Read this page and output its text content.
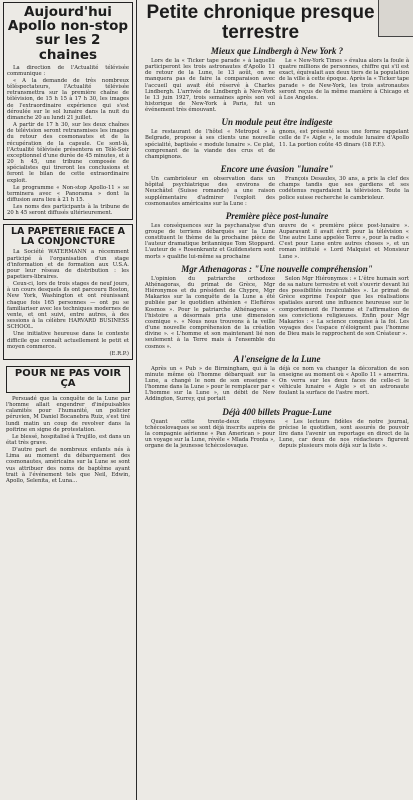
Aujourd'hui Apollo non-stop sur les 2 chaines

La direction de l'Actualité télévisée communique :

« A la demande de très nombreux téléspectateurs, l'Actualité télévisée retransmettra sur la première chaîne de télévision, de 15 h 15 à 17 h 30, les images de l'extraordinaire expérience qui s'est déroulée sur le sol lunaire dans la nuit du dimanche 20 au lundi 21 juillet.

A partir de 17 h 30, sur les deux chaînes de télévision seront retransmises les images du retour des cosmonautes et de la récupération de la capsule. Ce sont-là, l'Actualité télévisée présentera en Télé-Soir exceptionnel d'une durée de 45 minutes, et à 20 h 45, une tribune composée de spécialistes qui tireront les conclusions et feront le bilan de cette extraordinaire exploit.

Le programme « Non-stop Apollo-11 » se terminera avec « Panorama » dont la diffusion aura lieu à 21 h 15.

Les noms des participants à la tribune de 20 h 45 seront diffusés ultérieurement.

LA PAPETERIE FACE A LA CONJONCTURE

La Société WATERMANN a récemment participé à l'organisation d'un stage d'information et de formation aux U.S.A. pour leur réseau de distribution : les papetiers-libraires.

Ceux-ci, lors de trois stages de neuf jours, à un cours desquels ils ont parcouru Boston, New York, Washington et ont réunissant chaque fois 165 personnes — ont pu se familiariser avec les techniques modernes de vente, et ont suivi, entre autres, à des sessions à la célèbre HARVARD BUSINESS SCHOOL.

Une initiative heureuse dans le contexte difficile que connaît actuellement le petit et moyen commerce.

(E.R.P.)
POUR NE PAS VOIR ÇA

Persuadé que la conquête de la Lune par l'homme allait engendrer d'inépuisables calamités pour l'humanité, un policier péruvien, M Daniel Bocanebra Ruiz, s'est tiré lundi matin un coup de revolver dans la poitrine en signe de protestation.

Le blessé, hospitalisé à Trujillo, est dans un état très grave.

D'autre part de nombreux enfants nés à Lima au moment du débarquement des cosmonautes, américains sur la Lune se sont vus attribuer des noms de baptême ayant trait à l'événement tels que Neil, Edwin, Apollo, Selenita, et Luna...

Petite chronique presque terrestre
Mieux que Lindbergh à New York ?

Lors de la « Ticker tape parade » à laquelle participeront les trois astronautes d'Apollo 11 de retour de la Lune, le 13 août, on ne manquera pas de faire la comparaison avec l'accueil qui avait été réservé à Charles Lindbergh. L'arrivée de Lindbergh à New-York le 13 juin 1927, trois semaines après son vol historique de New-York à Paris, fut un événement très émouvant.

Le « New-York Times » évalua alors la foule à quatre millions de personnes, chiffre qui s'il est exact, équivalait aux deux tiers de la population de la ville à cette époque. Après la « Ticker tape parade » de New-York, les trois astronautes seront reçus de la même manière à Chicago et à Los Angeles.

Un module peut être indigeste

Le restaurant de l'hôtel « Metropol » à Belgrade, propose à ses clients une nouvelle spécialité, baptisée « module lunaire ». Ce plat, comprenant de la viande des crus et de champignons.

gnons, est présenté sous une forme rappelant celle de l'« Aigle », le module lunaire d'Apollo 11. La portion coûte 45 dinars (18 F.F.).

Encore une évasion "lunaire"

Un cambrioleur en observation dans un hôpital psychiatrique des environs de Neuchâtel (Suisse romande) a une raison supplémentaire d'admirer l'exploit des cosmonautes américains sur la Lune :

François Desaules, 30 ans, a pris la clef des champs tandis que ses gardiens et ses codétenus regardaient la télévision. Toute la police suisse recherche le cambrioleur.

Première pièce post-lunaire

Les conséquences sur la psychanalyse d'un groupe de terriens débarqués sur la Lune constituent le thème de la prochaine pièce de l'auteur dramatique britannique Tom Stoppard. L'auteur de « Rosenkrantz et Guildenstern sont morts » qualifie lui-même sa prochaine

œuvre de « première pièce post-lunaire ». Auparavant il avait écrit pour la télévision « Une autre Lune appelée Terre », pour la radio « C'est pour Lune entre autres choses », et un roman intitulé « Lord Malquist et Monsieur Lune ».

Mgr Athenagoras : "Une nouvelle compréhension"

L'opinion du patriarche orthodoxe Athénagoras, du primat de Grèce, Mgr Hiéronymos et du président de Chypre, Mgr Makarios sur la conquête de la Lune a été publiée par le quotidien athénien « Eleftéros Kosmos ». Pour le patriarche Athénagoras « l'histoire a désormais pris une dimension cosmique ». « Nous nous trouvons à la veille d'une nouvelle compréhension de la création divine ». « L'homme et son maintenant lié non seulement à la Terre mais à l'ensemble du cosmos ».

Selon Mgr Hiéronymos : « L'être humain sort de sa nature terrestre et voit s'ouvrir devant lui des possibilités incalculables ». Le primat de Grèce exprime l'espoir que les réalisations spatiales auront une influence heureuse sur le comportement de l'homme et l'affirmation de ses convictions religieuses. Enfin pour Mgr Makarios : « La science conquise à la foi. Les voyages des l'espace n'éloignent pas l'homme de Dieu mais le rapprochent de son Créateur ».

A l'enseigne de la Lune

Après un « Pub » de Birmingham, qui à la minute même où l'homme débarquait sur la Lune, a changé le nom de son enseigne « l'homme dans la Lune » pour le remplacer par « L'homme sur la Lune », un débit de New Addington, Surrey, qui portait

déjà ce nom va changer la décoration de son enseigne au moment où « Apollo 11 » amerrira. On verra sur les deux faces de celle-ci le véhicule lunaire « Aigle » et un astronaute foulant la surface de l'astre mort.

Déjà 400 billets Prague-Lune

Quant cette trente-deux citoyens tchécoslovaques se sont déjà inscrits auprès de la compagnie aérienne « Pan American » pour un voyage sur la Lune, révèle « Mlada Fronta », organe de la jeunesse tchécoslovaque.

« Les lecteurs fidèles de notre journal, précise le quotidien, sont assurés de pouvoir lire dans l'avenir un reportage en direct de la Lune, car deux de nos rédacteurs figurent depuis plusieurs mois déjà sur la liste ».
